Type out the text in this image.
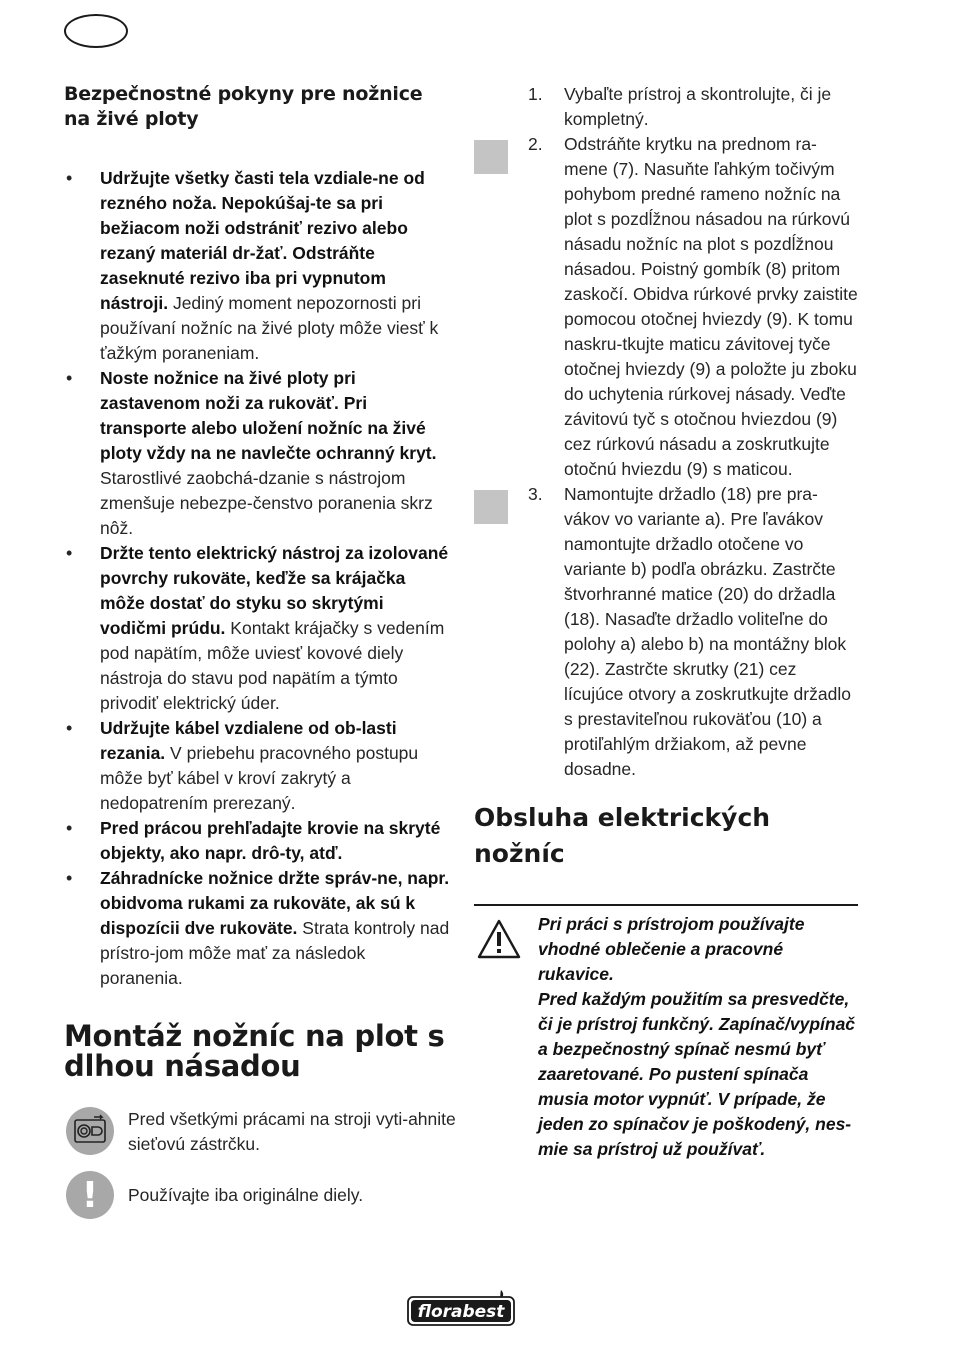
Bezpečnostné pokyny pre nožnice na živé ploty
• Udržujte všetky časti tela vzdiale-ne od rezného noža. Nepokúšaj-te sa pri bežiacom noži odstrániť rezivo alebo rezaný materiál dr-žať. Odstráňte zaseknuté rezivo iba pri vypnutom nástroji. Jediný moment nepozornosti pri používaní nožníc na živé ploty môže viesť k ťažkým poraneniam.
• Noste nožnice na živé ploty pri zastavenom noži za rukoväť. Pri transporte alebo uložení nožníc na živé ploty vždy na ne navlečte ochranný kryt. Starostlivé zaobchá-dzanie s nástrojom zmenšuje nebezpe-čenstvo poranenia skrz nôž.
• Držte tento elektrický nástroj za izolované povrchy rukoväte, keďže sa krájačka môže dostať do styku so skrytými vodičmi prúdu. Kontakt krájačky s vedením pod napätím, môže uviesť kovové diely nástroja do stavu pod napätím a týmto privodiť elektrický úder.
• Udržujte kábel vzdialene od ob-lasti rezania. V priebehu pracovného postupu môže byť kábel v kroví zakrytý a nedopatrením prerezaný.
• Pred prácou prehľadajte krovie na skryté objekty, ako napr. drô-ty, atď.
• Záhradnícke nožnice držte správ-ne, napr. obidvoma rukami za rukoväte, ak sú k dispozícii dve rukoväte. Strata kontroly nad prístro-jom môže mať za následok poranenia.
Montáž nožníc na plot s dlhou násadou
Pred všetkými prácami na stroji vyti-ahnite sieťovú zástrčku.
! Používajte iba originálne diely.
1. Vybaľte prístroj a skontrolujte, či je kompletný.
2. Odstráňte krytku na prednom ra-mene (7). Nasuňte ľahkým točivým pohybom predné rameno nožníc na plot s pozdĺžnou násadou na rúrkovú násadu nožníc na plot s pozdĺžnou násadou. Poistný gombík (8) pritom zaskočí. Obidva rúrkové prvky zaistite pomocou otočnej hviezdy (9). K tomu naskru-tkujte maticu závitovej tyče otočnej hviezdy (9) a položte ju zboku do uchytenia rúrkovej násady. Veďte závitovú tyč s otočnou hviezdou (9) cez rúrkovú násadu a zoskrutkujte otočnú hviezdu (9) s maticou.
3. Namontujte držadlo (18) pre pra-vákov vo variante a). Pre ľavákov namontujte držadlo otočene vo variante b) podľa obrázku. Zastrčte štvorhranné matice (20) do držadla (18). Nasaďte držadlo voliteľne do polohy a) alebo b) na montážny blok (22). Zastrčte skrutky (21) cez lícujúce otvory a zoskrutkujte držadlo s prestaviteľnou rukoväťou (10) a protiľahlým držiakom, až pevne dosadne.
Obsluha elektrických nožníc

Pri práci s prístrojom používajte vhodné oblečenie a pracovné rukavice.

Pred každým použitím sa presvedčte, či je prístroj funkčný. Zapínač/vypínač a bezpečnostný spínač nesmú byť zaaretované. Po pustení spínača musia motor vypnúť. V prípade, že jeden zo spínačov je poškodený, nes-mie sa prístroj už používať.

florabest
